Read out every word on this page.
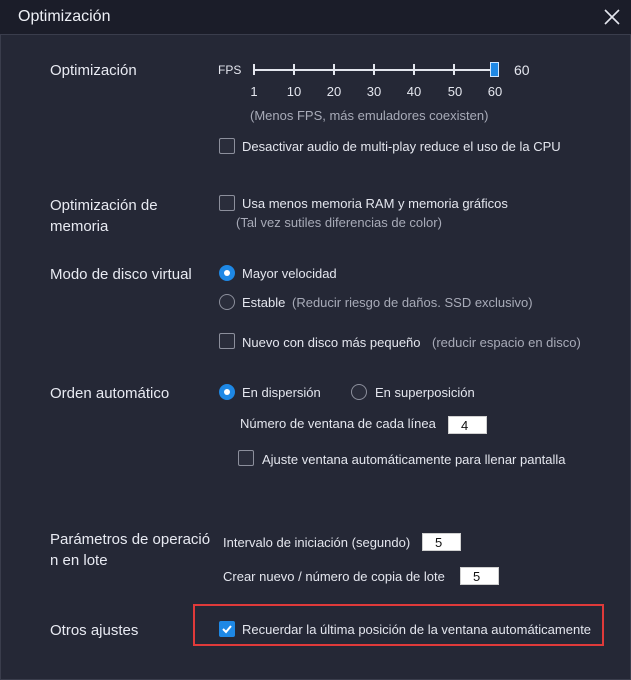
Optimización
Optimización	FPS	60
1	10	20	30	40	50	60
(Menos FPS, más emuladores coexisten)
Desactivar audio de multi-play reduce el uso de la CPU
Optimización de memoria
Usa menos memoria RAM y memoria gráficos
(Tal vez sutiles diferencias de color)
Modo de disco virtual	Mayor velocidad
Estable (Reducir riesgo de daños. SSD exclusivo)
Nuevo con disco más pequeño (reducir espacio en disco)
Orden automático	En dispersión	En superposición
Número de ventana de cada línea	4
Ajuste ventana automáticamente para llenar pantalla
Parámetros de operació n en lote
Intervalo de iniciación (segundo)	5
Crear nuevo / número de copia de lote	5
Otros ajustes	Recuerdar la última posición de la ventana automáticamente
